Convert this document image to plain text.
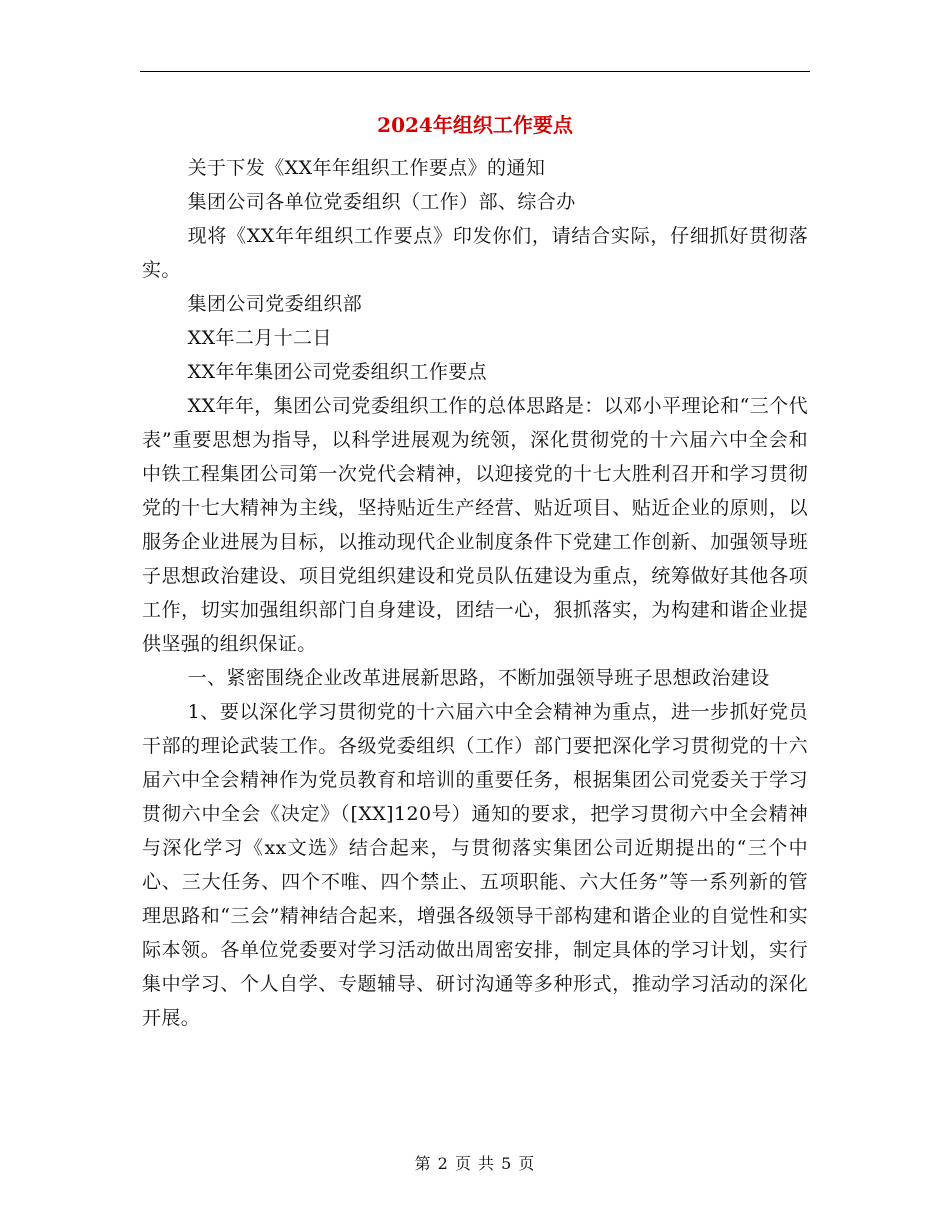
2024年组织工作要点

关于下发《XX年年组织工作要点》的通知

集团公司各单位党委组织（工作）部、综合办

现将《XX年年组织工作要点》印发你们，请结合实际，仔细抓好贯彻落实。

集团公司党委组织部

XX年二月十二日

XX年年集团公司党委组织工作要点

XX年年，集团公司党委组织工作的总体思路是：以邓小平理论和“三个代表”重要思想为指导，以科学进展观为统领，深化贯彻党的十六届六中全会和中铁工程集团公司第一次党代会精神，以迎接党的十七大胜利召开和学习贯彻党的十七大精神为主线，坚持贴近生产经营、贴近项目、贴近企业的原则，以服务企业进展为目标，以推动现代企业制度条件下党建工作创新、加强领导班子思想政治建设、项目党组织建设和党员队伍建设为重点，统筹做好其他各项工作，切实加强组织部门自身建设，团结一心，狠抓落实，为构建和谐企业提供坚强的组织保证。

一、紧密围绕企业改革进展新思路，不断加强领导班子思想政治建设

1、要以深化学习贯彻党的十六届六中全会精神为重点，进一步抓好党员干部的理论武装工作。各级党委组织（工作）部门要把深化学习贯彻党的十六届六中全会精神作为党员教育和培训的重要任务，根据集团公司党委关于学习贯彻六中全会《决定》（[XX]120号）通知的要求，把学习贯彻六中全会精神与深化学习《xx文选》结合起来，与贯彻落实集团公司近期提出的“三个中心、三大任务、四个不唯、四个禁止、五项职能、六大任务”等一系列新的管理思路和“三会”精神结合起来，增强各级领导干部构建和谐企业的自觉性和实际本领。各单位党委要对学习活动做出周密安排，制定具体的学习计划，实行集中学习、个人自学、专题辅导、研讨沟通等多种形式，推动学习活动的深化开展。

第 2 页 共 5 页
